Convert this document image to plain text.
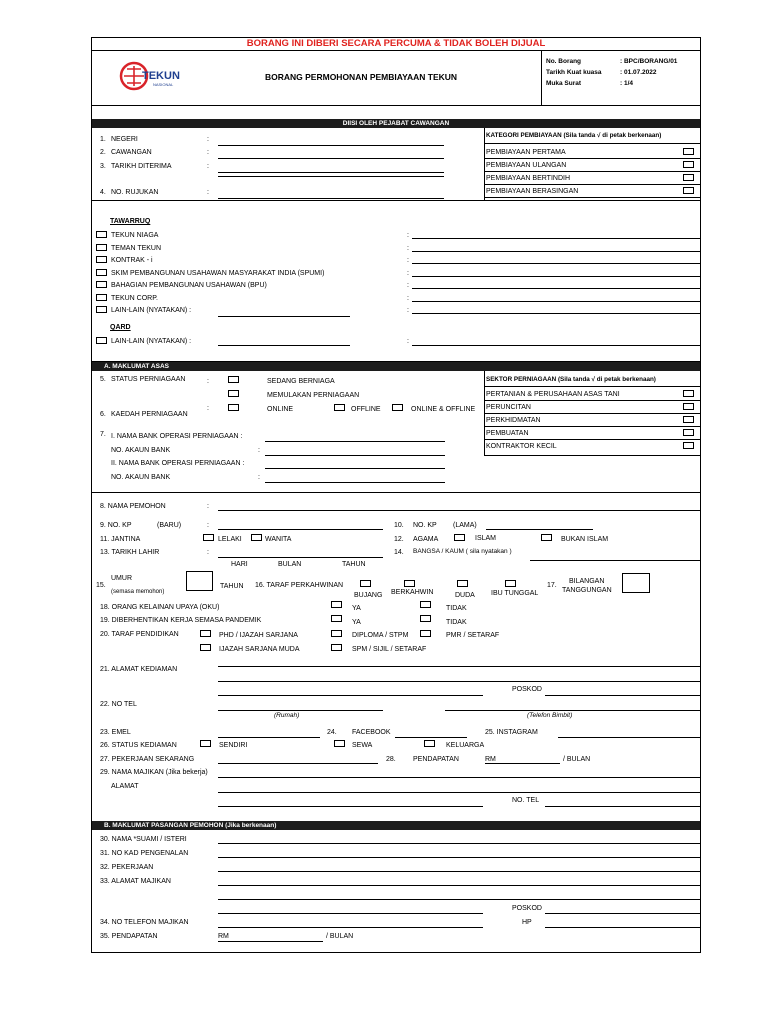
BORANG INI DIBERI SECARA PERCUMA & TIDAK BOLEH DIJUAL
TEKUN
NASIONAL
BORANG PERMOHONAN PEMBIAYAAN TEKUN
No. Borang	: BPC/BORANG/01
Tarikh Kuat kuasa	: 01.07.2022
Muka Surat	: 1/4
DIISI OLEH PEJABAT CAWANGAN
1. NEGERI	:
2. CAWANGAN	:
3. TARIKH DITERIMA	:
4. NO. RUJUKAN	:
KATEGORI PEMBIAYAAN (Sila tanda √ di petak berkenaan)
PEMBIAYAAN PERTAMA
PEMBIAYAAN ULANGAN
PEMBIAYAAN BERTINDIH
PEMBIAYAAN BERASINGAN
TAWARRUQ
TEKUN NIAGA	:
TEMAN TEKUN	:
KONTRAK - i	:
SKIM PEMBANGUNAN USAHAWAN MASYARAKAT INDIA (SPUMI)	:
BAHAGIAN PEMBANGUNAN USAHAWAN (BPU)	:
TEKUN CORP.	:
LAIN-LAIN (NYATAKAN) :	:
QARD
LAIN-LAIN (NYATAKAN) :	:
A. MAKLUMAT ASAS
SEKTOR PERNIAGAAN (Sila tanda √ di petak berkenaan)
PERTANIAN & PERUSAHAAN ASAS TANI
PERUNCITAN
PERKHIDMATAN
PEMBUATAN
KONTRAKTOR KECIL
5. STATUS PERNIAGAAN	:	SEDANG BERNIAGA
MEMULAKAN PERNIAGAAN
:	ONLINE	OFFLINE	ONLINE & OFFLINE
6. KAEDAH PERNIAGAAN
7. I. NAMA BANK OPERASI PERNIAGAAN :
NO. AKAUN BANK	:
II. NAMA BANK OPERASI PERNIAGAAN :
NO. AKAUN BANK	:
8. NAMA PEMOHON	:
9. NO. KP	(BARU)	:	10. NO. KP (LAMA)
11. JANTINA	LELAKI	WANITA	12. AGAMA	ISLAM	BUKAN ISLAM
13. TARIKH LAHIR	:	14. BANGSA / KAUM ( sila nyatakan )
HARI	BULAN	TAHUN
15.
UMUR
(semasa memohon)
TAHUN 16. TARAF PERKAHWINAN
BUJANG BERKAHWIN	DUDA IBU TUNGGAL
17.
BILANGAN
TANGGUNGAN
18. ORANG KELAINAN UPAYA (OKU)	YA	TIDAK
19. DIBERHENTIKAN KERJA SEMASA PANDEMIK	YA	TIDAK
20. TARAF PENDIDIKAN	PHD / IJAZAH SARJANA	DIPLOMA / STPM	PMR / SETARAF
IJAZAH SARJANA MUDA	SPM / SIJIL / SETARAF
21. ALAMAT KEDIAMAN
POSKOD
22. NO TEL
(Rumah)	(Telefon Bimbit)
23. EMEL	24. FACEBOOK	25. INSTAGRAM
26. STATUS KEDIAMAN	SENDIRI	SEWA	KELUARGA
27. PEKERJAAN SEKARANG	28. PENDAPATAN	RM	/ BULAN
29. NAMA MAJIKAN (Jika bekerja)
ALAMAT
NO. TEL
B. MAKLUMAT PASANGAN PEMOHON (Jika berkenaan)
30. NAMA *SUAMI / ISTERI
31. NO KAD PENGENALAN
32. PEKERJAAN
33. ALAMAT MAJIKAN
POSKOD
34. NO TELEFON MAJIKAN	HP
35. PENDAPATAN	RM	/ BULAN
